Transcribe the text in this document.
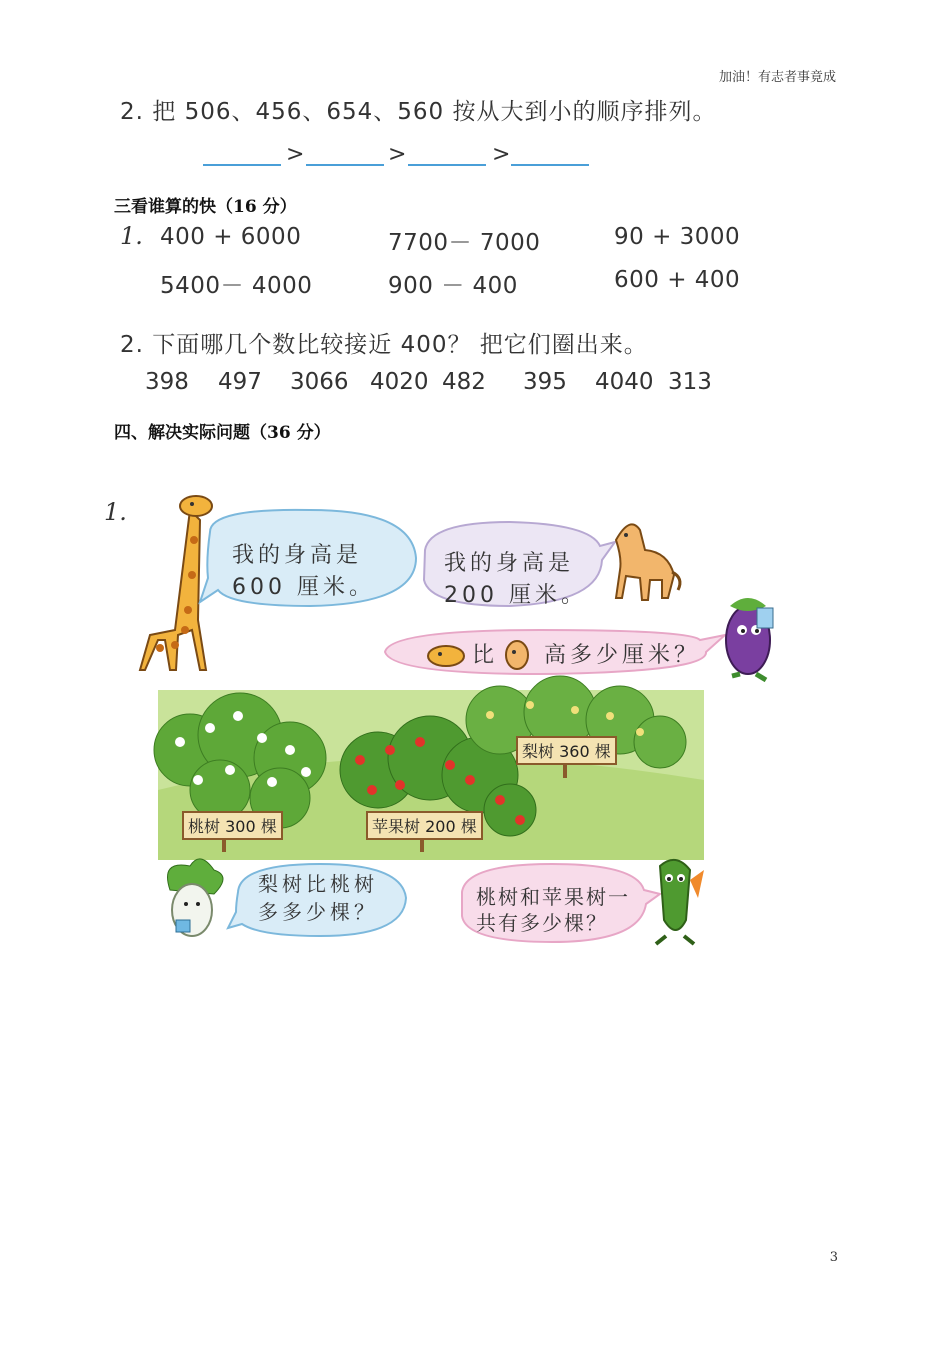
加油！有志者事竟成
2. 把 506、456、654、560 按从大到小的顺序排列。
>	>	>
三看谁算的快（16 分）
1. 400 + 6000	7700－ 7000	90 + 3000
5400－ 4000	900 － 400	600 + 400
2. 下面哪几个数比较接近 400？ 把它们圈出来。
398 497 3066 4020 482 395 4040 313
四、解决实际问题（36 分）
1.
我的身高是
600 厘米。
我的身高是
200 厘米。
比 高多少厘米？
桃树 300 棵	苹果树 200 棵
梨树 360 棵
梨树比桃树
多多少棵？
桃树和苹果树一
共有多少棵？
3
